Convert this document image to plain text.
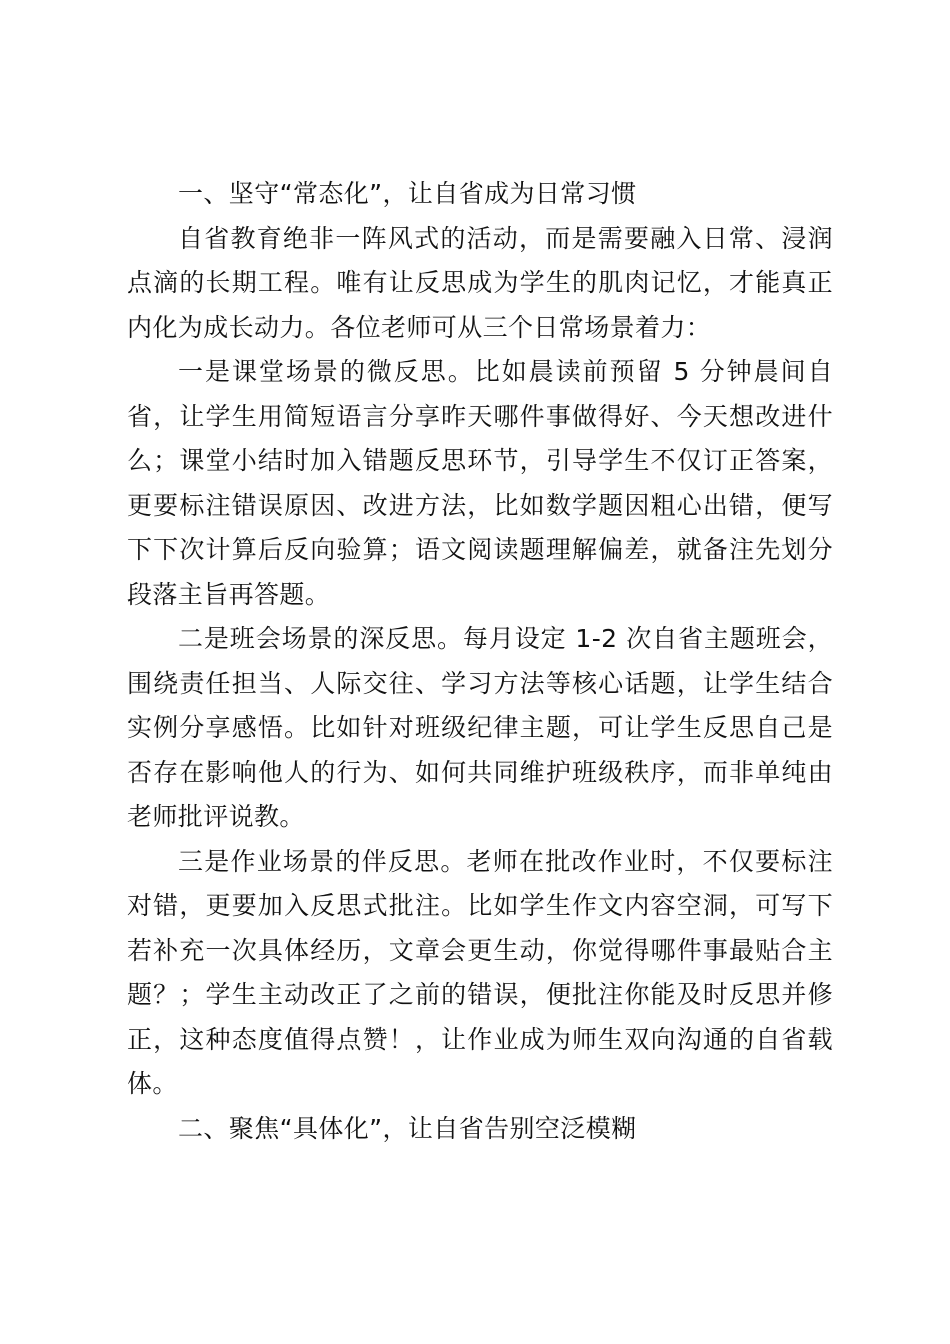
一、坚守“常态化”，让自省成为日常习惯

自省教育绝非一阵风式的活动，而是需要融入日常、浸润点滴的长期工程。唯有让反思成为学生的肌肉记忆，才能真正内化为成长动力。各位老师可从三个日常场景着力：

一是课堂场景的微反思。比如晨读前预留 5 分钟晨间自省，让学生用简短语言分享昨天哪件事做得好、今天想改进什么；课堂小结时加入错题反思环节，引导学生不仅订正答案，更要标注错误原因、改进方法，比如数学题因粗心出错，便写下下次计算后反向验算；语文阅读题理解偏差，就备注先划分段落主旨再答题。

二是班会场景的深反思。每月设定 1-2 次自省主题班会，围绕责任担当、人际交往、学习方法等核心话题，让学生结合实例分享感悟。比如针对班级纪律主题，可让学生反思自己是否存在影响他人的行为、如何共同维护班级秩序，而非单纯由老师批评说教。

三是作业场景的伴反思。老师在批改作业时，不仅要标注对错，更要加入反思式批注。比如学生作文内容空洞，可写下若补充一次具体经历，文章会更生动，你觉得哪件事最贴合主题？；学生主动改正了之前的错误，便批注你能及时反思并修正，这种态度值得点赞！，让作业成为师生双向沟通的自省载体。

二、聚焦“具体化”，让自省告别空泛模糊
